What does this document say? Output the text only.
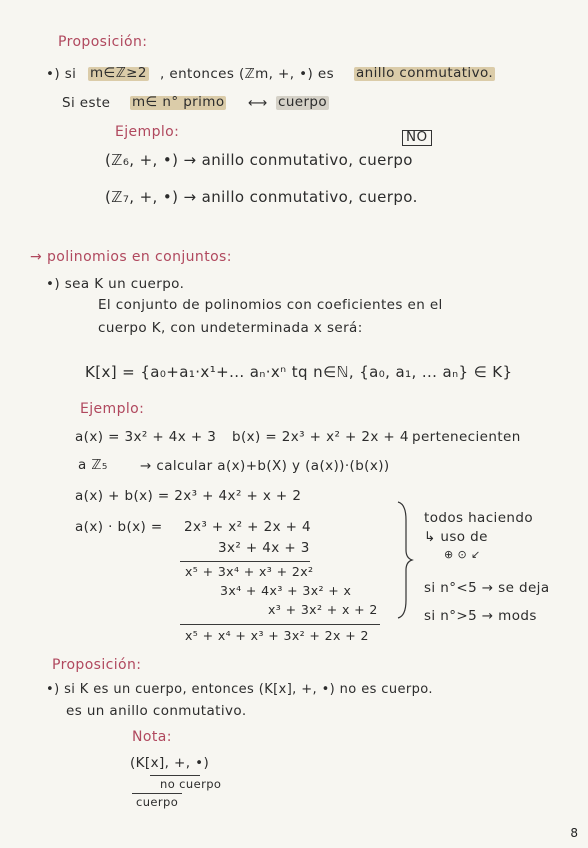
Proposición:
•) si m∈ℤ≥2 , entonces (ℤm, +, •) es anillo conmutativo.
Si este m∈ n° primo ⟷ cuerpo
Ejemplo:	NO
(ℤ₆, +, •) → anillo conmutativo, cuerpo
(ℤ₇, +, •) → anillo conmutativo, cuerpo.
→ polinomios en conjuntos:
•) sea K un cuerpo.
El conjunto de polinomios con coeficientes en el
cuerpo K, con undeterminada x será:
K[x] = {a₀+a₁·x¹+... aₙ·xⁿ tq n∈ℕ, {a₀, a₁, ... aₙ} ∈ K}
Ejemplo:
a(x) = 3x² + 4x + 3 b(x) = 2x³ + x² + 2x + 4 pertenecienten
a ℤ₅ → calcular a(x)+b(X) y (a(x))·(b(x))
a(x) + b(x) = 2x³ + 4x² + x + 2
a(x) · b(x) = 2x³ + x² + 2x + 4
3x² + 4x + 3
x⁵ + 3x⁴ + x³ + 2x²
3x⁴ + 4x³ + 3x² + x
x³ + 3x² + x + 2
x⁵ + x⁴ + x³ + 3x² + 2x + 2
todos haciendo
↳ uso de
⊕ ⊙ ↙
si n°<5 → se deja
si n°>5 → mods
Proposición:
•) si K es un cuerpo, entonces (K[x], +, •) no es cuerpo.
es un anillo conmutativo.
Nota:
(K[x], +, •)
no cuerpo
cuerpo
8
